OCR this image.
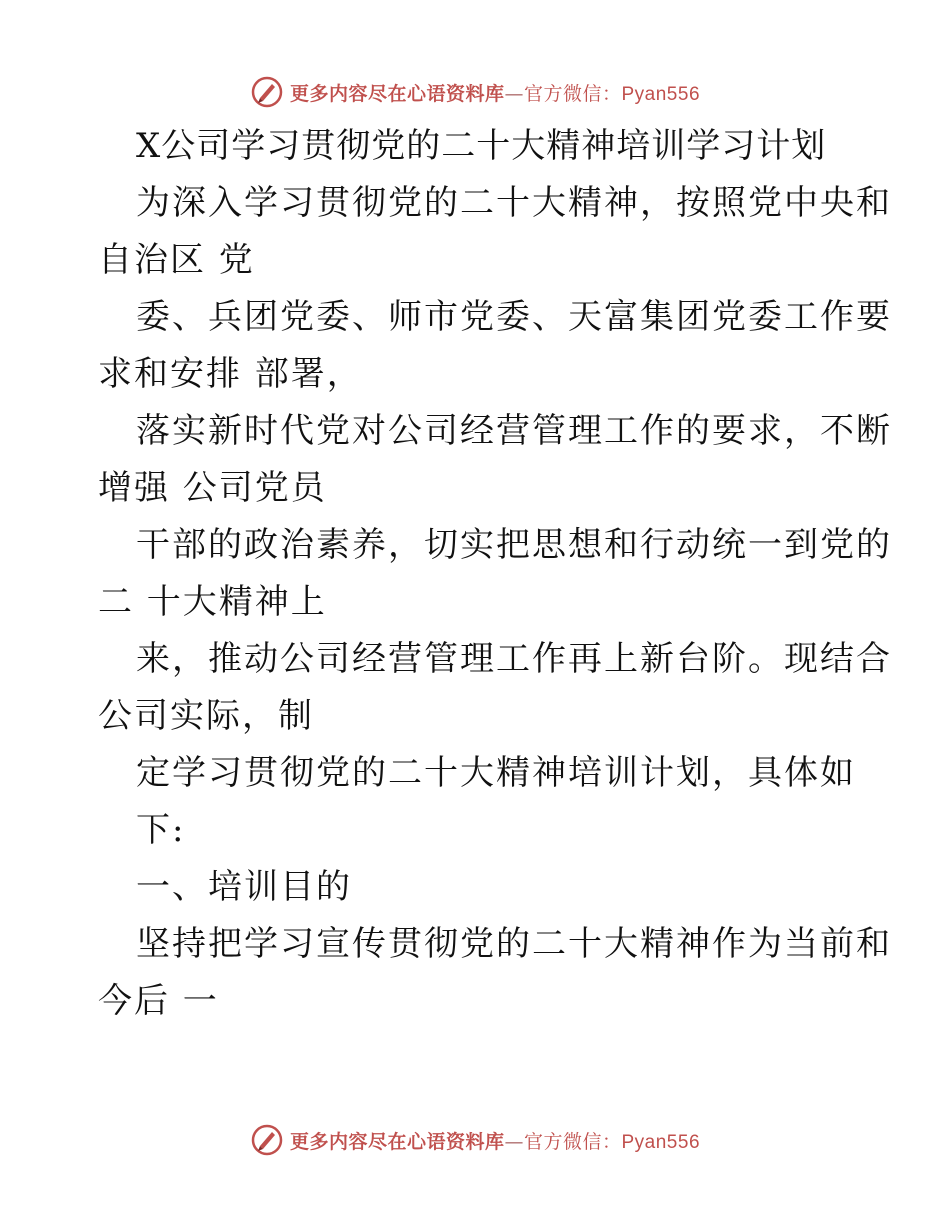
更多内容尽在心语资料库—官方微信：Pyan556
X公司学习贯彻党的二十大精神培训学习计划
为深入学习贯彻党的二十大精神，按照党中央和
自治区 党
委、兵团党委、师市党委、天富集团党委工作要
求和安排 部署，
落实新时代党对公司经营管理工作的要求，不断
增强 公司党员
干部的政治素养，切实把思想和行动统一到党的
二 十大精神上
来，推动公司经营管理工作再上新台阶。现结合
公司实际，制
定学习贯彻党的二十大精神培训计划，具体如
下:
一、培训目的
坚持把学习宣传贯彻党的二十大精神作为当前和
今后 一
更多内容尽在心语资料库—官方微信：Pyan556
